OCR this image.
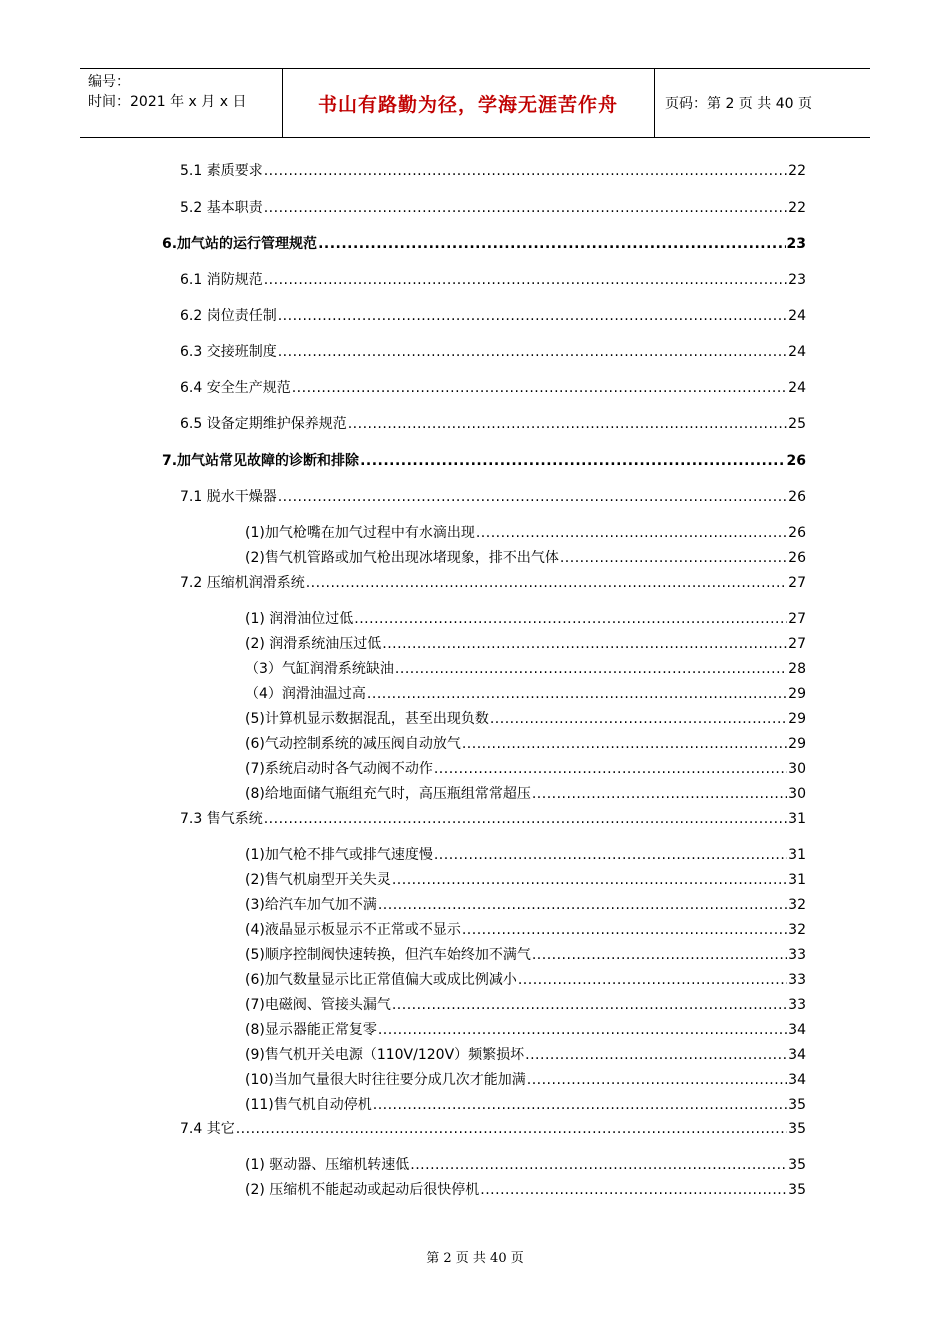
编号：
时间：2021 年 x 月 x 日	书山有路勤为径，学海无涯苦作舟	页码：第 2 页 共 40 页
5.1 素质要求 .....	22
5.2 基本职责 .....	22
6.加气站的运行管理规范 .....	23
6.1 消防规范 .....	23
6.2 岗位责任制 .....	24
6.3 交接班制度 .....	24
6.4 安全生产规范 .....	24
6.5 设备定期维护保养规范 .....	25
7.加气站常见故障的诊断和排除 .....	26
7.1 脱水干燥器 .....	26
(1)加气枪嘴在加气过程中有水滴出现 .....	26
(2)售气机管路或加气枪出现冰堵现象，排不出气体 .....	26
7.2 压缩机润滑系统 .....	27
(1) 润滑油位过低 .....	27
(2) 润滑系统油压过低 .....	27
（3）气缸润滑系统缺油 .....	28
（4）润滑油温过高 .....	29
(5)计算机显示数据混乱，甚至出现负数 .....	29
(6)气动控制系统的减压阀自动放气 .....	29
(7)系统启动时各气动阀不动作 .....	30
(8)给地面储气瓶组充气时，高压瓶组常常超压 .....	30
7.3 售气系统 .....	31
(1)加气枪不排气或排气速度慢 .....	31
(2)售气机扇型开关失灵 .....	31
(3)给汽车加气加不满 .....	32
(4)液晶显示板显示不正常或不显示 .....	32
(5)顺序控制阀快速转换，但汽车始终加不满气 .....	33
(6)加气数量显示比正常值偏大或成比例减小 .....	33
(7)电磁阀、管接头漏气 .....	33
(8)显示器能正常复零 .....	34
(9)售气机开关电源（110V/120V）频繁损坏 .....	34
(10)当加气量很大时往往要分成几次才能加满 .....	34
(11)售气机自动停机 .....	35
7.4 其它 .....	35
(1) 驱动器、压缩机转速低 .....	35
(2) 压缩机不能起动或起动后很快停机 .....	35
第 2 页 共 40 页
